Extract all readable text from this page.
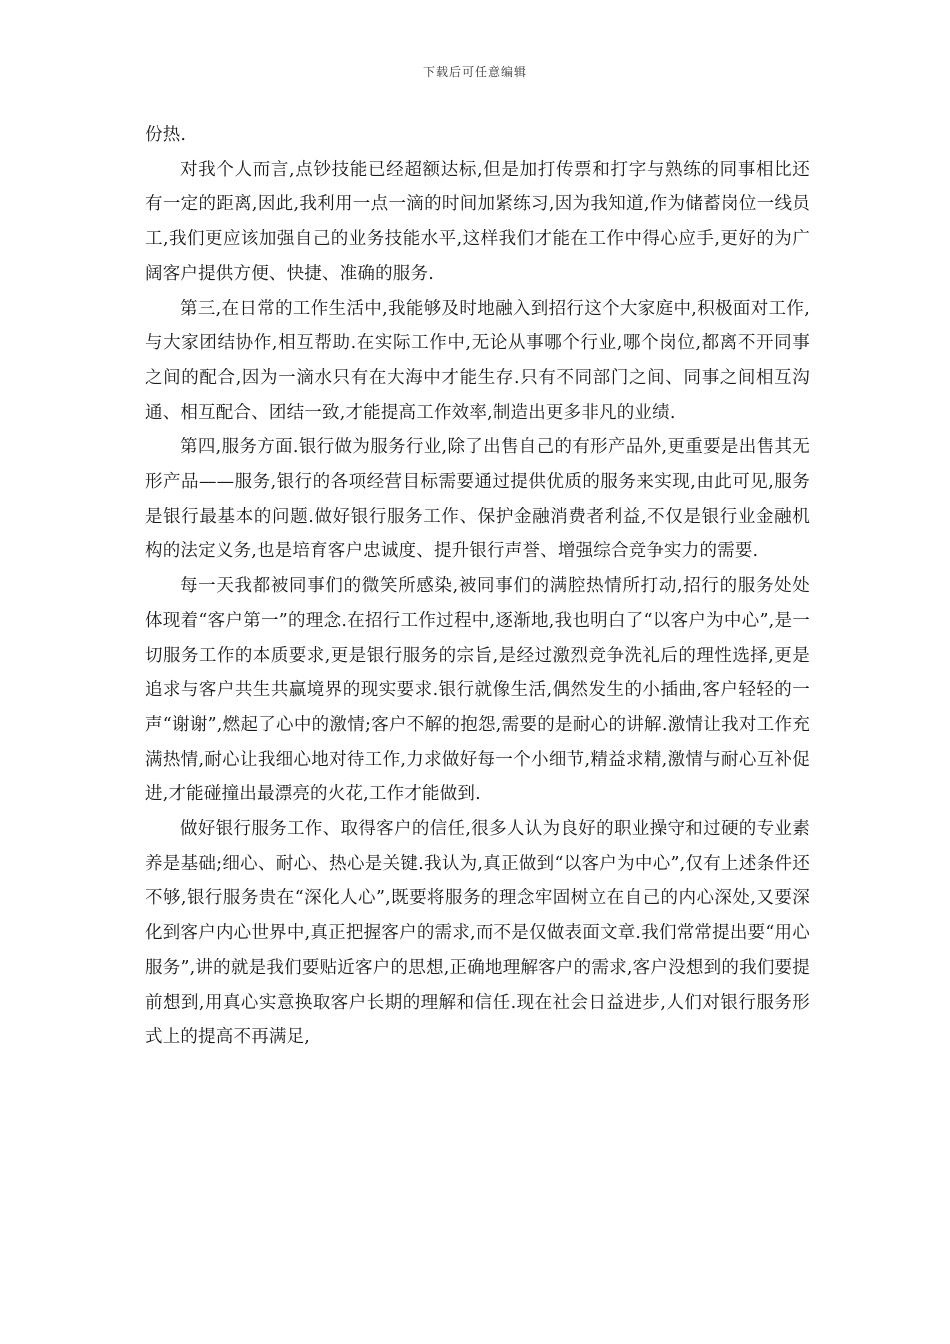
下载后可任意编辑

份热.

对我个人而言,点钞技能已经超额达标,但是加打传票和打字与熟练的同事相比还有一定的距离,因此,我利用一点一滴的时间加紧练习,因为我知道,作为储蓄岗位一线员工,我们更应该加强自己的业务技能水平,这样我们才能在工作中得心应手,更好的为广阔客户提供方便、快捷、准确的服务.

第三,在日常的工作生活中,我能够及时地融入到招行这个大家庭中,积极面对工作,与大家团结协作,相互帮助.在实际工作中,无论从事哪个行业,哪个岗位,都离不开同事之间的配合,因为一滴水只有在大海中才能生存.只有不同部门之间、同事之间相互沟通、相互配合、团结一致,才能提高工作效率,制造出更多非凡的业绩.

第四,服务方面.银行做为服务行业,除了出售自己的有形产品外,更重要是出售其无形产品——服务,银行的各项经营目标需要通过提供优质的服务来实现,由此可见,服务是银行最基本的问题.做好银行服务工作、保护金融消费者利益,不仅是银行业金融机构的法定义务,也是培育客户忠诚度、提升银行声誉、增强综合竞争实力的需要.

每一天我都被同事们的微笑所感染,被同事们的满腔热情所打动,招行的服务处处体现着“客户第一”的理念.在招行工作过程中,逐渐地,我也明白了“以客户为中心”,是一切服务工作的本质要求,更是银行服务的宗旨,是经过激烈竞争洗礼后的理性选择,更是追求与客户共生共赢境界的现实要求.银行就像生活,偶然发生的小插曲,客户轻轻的一声“谢谢”,燃起了心中的激情;客户不解的抱怨,需要的是耐心的讲解.激情让我对工作充满热情,耐心让我细心地对待工作,力求做好每一个小细节,精益求精,激情与耐心互补促进,才能碰撞出最漂亮的火花,工作才能做到.

做好银行服务工作、取得客户的信任,很多人认为良好的职业操守和过硬的专业素养是基础;细心、耐心、热心是关键.我认为,真正做到“以客户为中心”,仅有上述条件还不够,银行服务贵在“深化人心”,既要将服务的理念牢固树立在自己的内心深处,又要深化到客户内心世界中,真正把握客户的需求,而不是仅做表面文章.我们常常提出要“用心服务”,讲的就是我们要贴近客户的思想,正确地理解客户的需求,客户没想到的我们要提前想到,用真心实意换取客户长期的理解和信任.现在社会日益进步,人们对银行服务形式上的提高不再满足,
